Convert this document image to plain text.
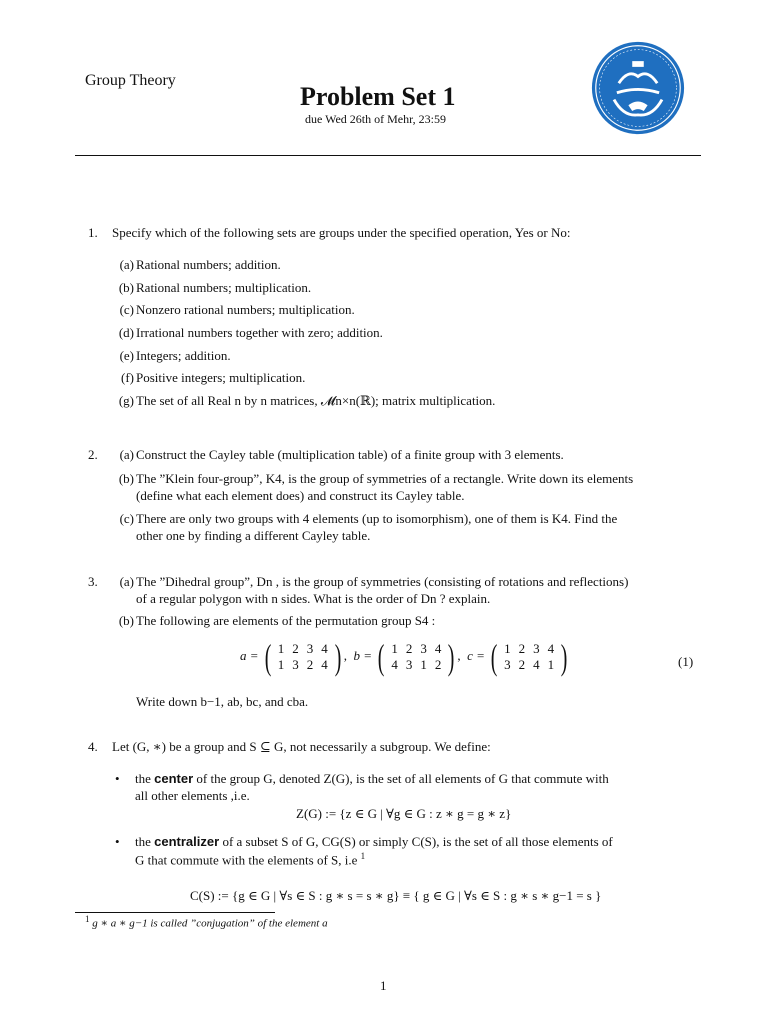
Group Theory
Problem Set 1
due Wed 26th of Mehr, 23:59
1. Specify which of the following sets are groups under the specified operation, Yes or No:
(a) Rational numbers; addition.
(b) Rational numbers; multiplication.
(c) Nonzero rational numbers; multiplication.
(d) Irrational numbers together with zero; addition.
(e) Integers; addition.
(f) Positive integers; multiplication.
(g) The set of all Real n by n matrices, 𝓜n×n(ℝ); matrix multiplication.
2.	(a) Construct the Cayley table (multiplication table) of a finite group with 3 elements.
(b) The ”Klein four-group”, K4, is the group of symmetries of a rectangle. Write down its elements
(define what each element does) and construct its Cayley table.
(c) There are only two groups with 4 elements (up to isomorphism), one of them is K4. Find the
other one by finding a different Cayley table.
3.	(a) The ”Dihedral group”, Dn , is the group of symmetries (consisting of rotations and reflections)
of a regular polygon with n sides. What is the order of Dn ? explain.
(b) The following are elements of the permutation group S4 :
a = ( 1	2	3	4
1	3	2	4 ) , b = ( 1	2	3	4
4	3	1	2 ) , c = ( 1	2	3	4
3	2	4	1 )	(1)
Write down b−1, ab, bc, and cba.
4. Let (G, ∗) be a group and S ⊆ G, not necessarily a subgroup. We define:
• the center of the group G, denoted Z(G), is the set of all elements of G that commute with
all other elements ,i.e.
Z(G) := {z ∈ G | ∀g ∈ G : z ∗ g = g ∗ z}
• the centralizer of a subset S of G, CG(S) or simply C(S), is the set of all those elements of
G that commute with the elements of S, i.e $^1$
C(S) := {g ∈ G | ∀s ∈ S : g ∗ s = s ∗ g} ≡ { g ∈ G | ∀s ∈ S : g ∗ s ∗ g−1 = s }
$^1$ g ∗ a ∗ g−1 is called ”conjugation” of the element a
1
